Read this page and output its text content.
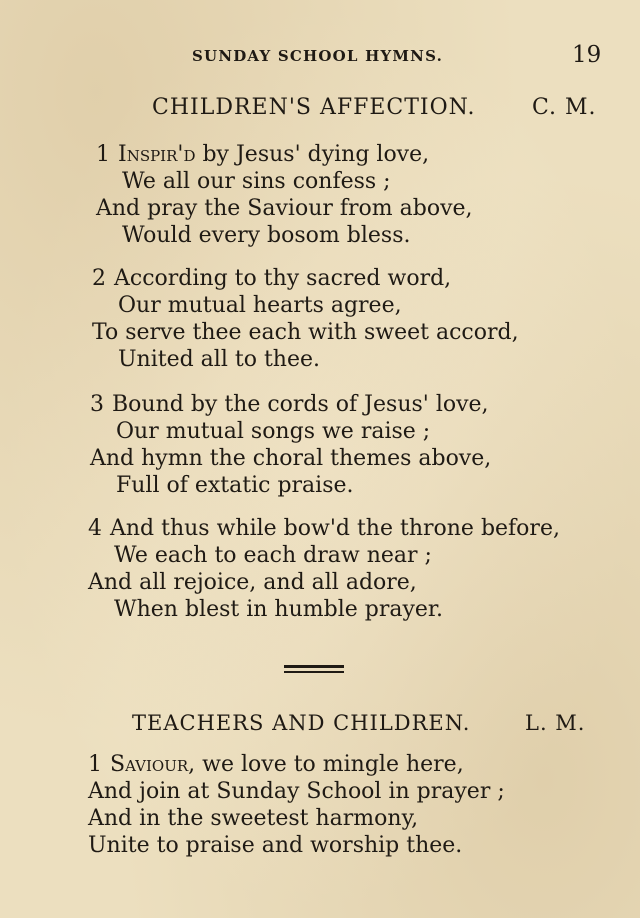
SUNDAY SCHOOL HYMNS.	19
CHILDREN'S AFFECTION.	C. M.
1 Inspir'd by Jesus' dying love,
We all our sins confess ;
And pray the Saviour from above,
Would every bosom bless.
2 According to thy sacred word,
Our mutual hearts agree,
To serve thee each with sweet accord,
United all to thee.
3 Bound by the cords of Jesus' love,
Our mutual songs we raise ;
And hymn the choral themes above,
Full of extatic praise.
4 And thus while bow'd the throne before,
We each to each draw near ;
And all rejoice, and all adore,
When blest in humble prayer.
TEACHERS AND CHILDREN.	L. M.
1 Saviour, we love to mingle here,
And join at Sunday School in prayer ;
And in the sweetest harmony,
Unite to praise and worship thee.
